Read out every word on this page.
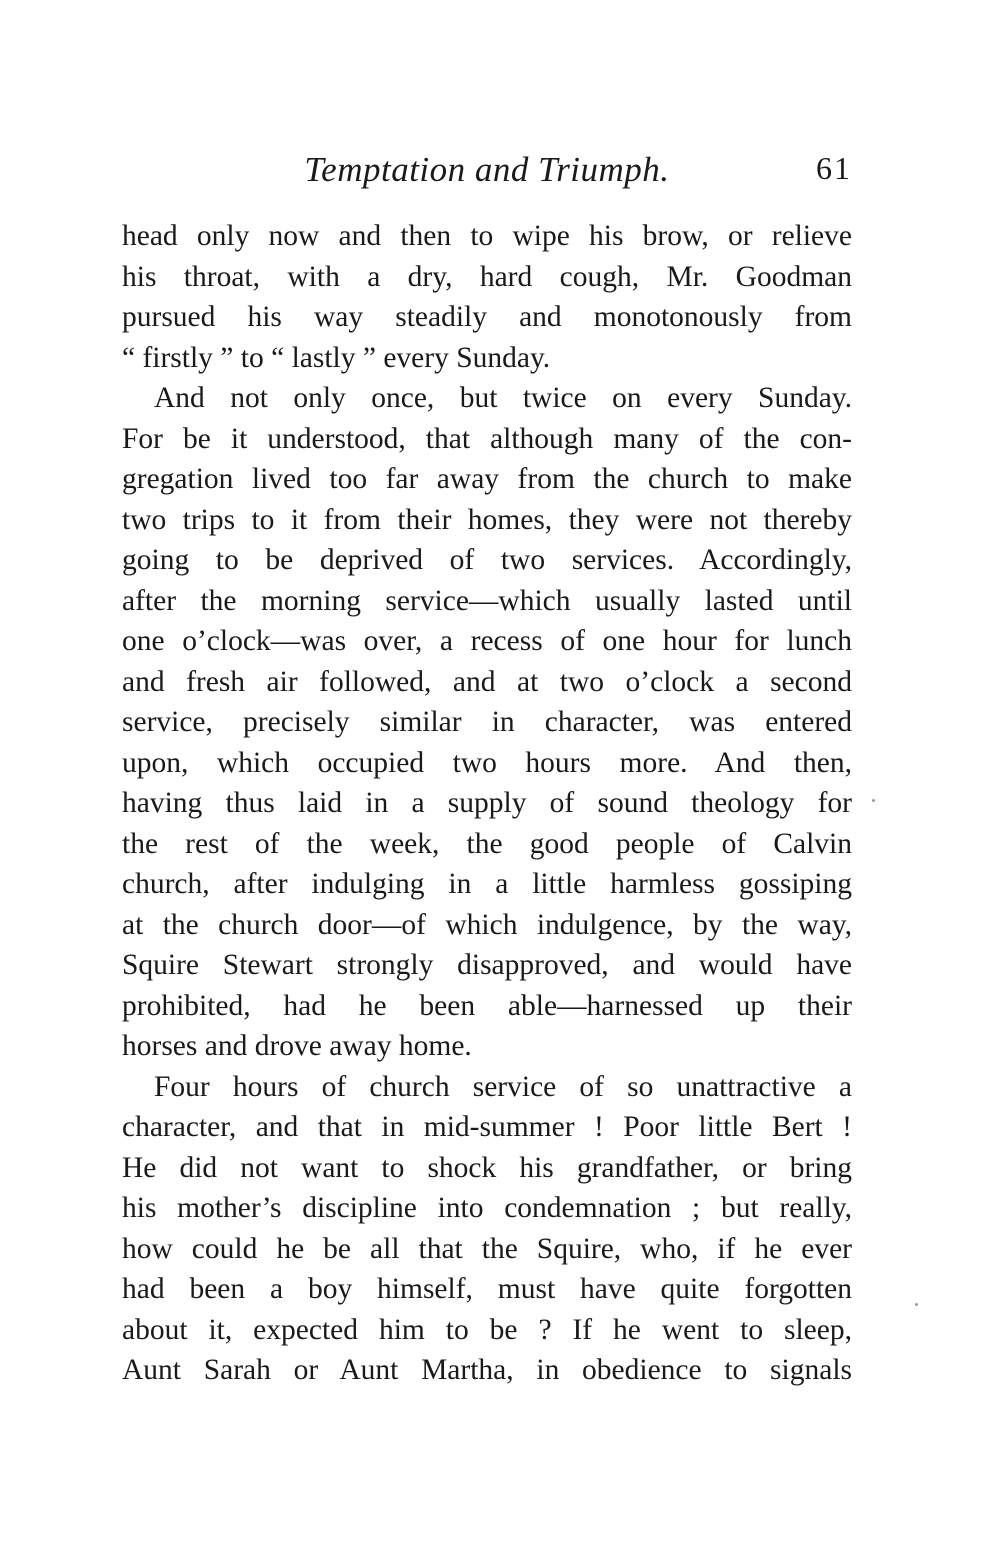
Temptation and Triumph.	61
head only now and then to wipe his brow, or relieve
his throat, with a dry, hard cough, Mr. Goodman
pursued his way steadily and monotonously from
“ firstly ” to “ lastly ” every Sunday.
And not only once, but twice on every Sunday.
For be it understood, that although many of the con-
gregation lived too far away from the church to make
two trips to it from their homes, they were not thereby
going to be deprived of two services. Accordingly,
after the morning service—which usually lasted until
one o’clock—was over, a recess of one hour for lunch
and fresh air followed, and at two o’clock a second
service, precisely similar in character, was entered
upon, which occupied two hours more. And then,
having thus laid in a supply of sound theology for
the rest of the week, the good people of Calvin
church, after indulging in a little harmless gossiping
at the church door—of which indulgence, by the way,
Squire Stewart strongly disapproved, and would have
prohibited, had he been able—harnessed up their
horses and drove away home.
Four hours of church service of so unattractive a
character, and that in mid-summer ! Poor little Bert !
He did not want to shock his grandfather, or bring
his mother’s discipline into condemnation ; but really,
how could he be all that the Squire, who, if he ever
had been a boy himself, must have quite forgotten
about it, expected him to be ? If he went to sleep,
Aunt Sarah or Aunt Martha, in obedience to signals
